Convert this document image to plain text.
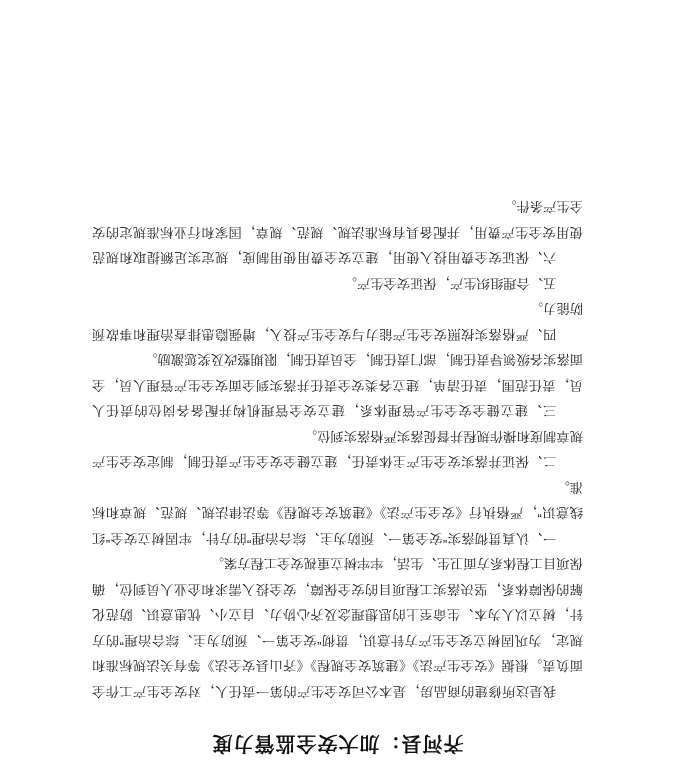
齐河县：加大安全监管力度

我是这所修建的商品房，是本公司安全生产的第一责任人，对安全生产工作全面负责。根据《安全生产法》《建筑安全规程》《齐山县安全法》等有关法规标准和规定，为巩固树立安全生产方针意识，贯彻“安全第一、预防为主、综合治理”的方针，树立以人为本、生命至上的思想理念及齐心协力、自立小、忧患意识、防范化解的保障体系，坚决落实工程项目的安全保障，安全投入需求和企业人员到位，确保项目工程体系方面卫生、生活，牢牢树立重视安全工程方案。

一、认真贯彻落实“安全第一、预防为主、综合治理”的方针，牢固树立安全“红线意识”，严格执行《安全生产法》《建筑安全规程》等法律法规、规范、规章和标准。

二、保证并落实安全生产主体责任，建立健全安全生产责任制，制定安全生产规章制度和操作规程并督促落实严格落实到位。

三、建立健全安全生产管理体系，建立安全管理机构并配备各岗位的责任人员，责任范围，责任清单，建立各类安全责任并落实到全面安全生产管理人员，全面落实各级领导责任制，部门责任制，全员责任制，限期整改及奖惩激励。

四、严格落实按照安全生产能力与安全生产投入，增强隐患排查治理和事故预防能力。

五、合理组织生产，保证安全生产。

六、保证安全费用投入使用，建立安全费用使用制度，规定实足额提取和规范使用安全生产费用，并配备具有标准法规、规范、规章，国家和行业标准规定的安全生产条件。
